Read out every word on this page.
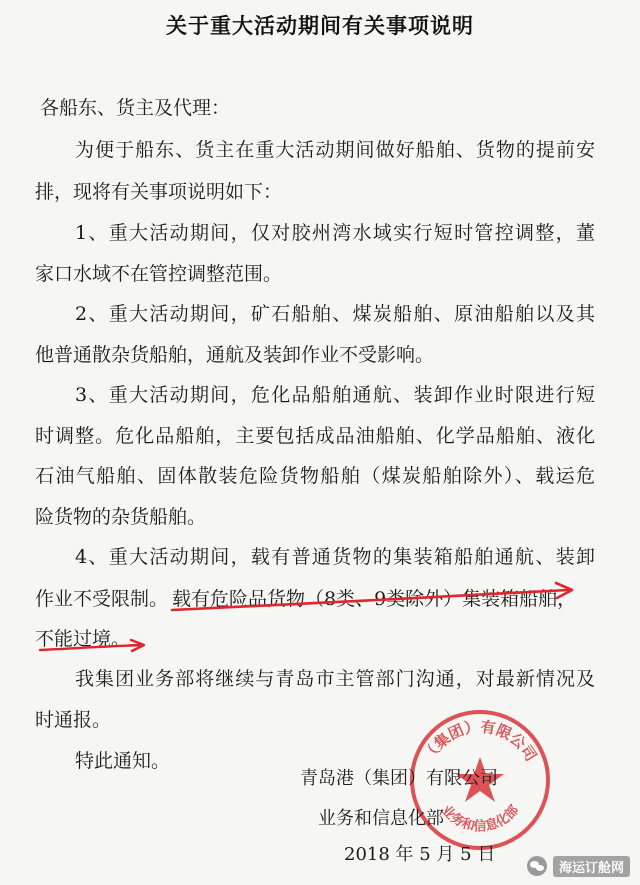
关于重大活动期间有关事项说明
各船东、货主及代理：
为便于船东、货主在重大活动期间做好船舶、货物的提前安
排，现将有关事项说明如下：
1、重大活动期间，仅对胶州湾水域实行短时管控调整，董
家口水域不在管控调整范围。
2、重大活动期间，矿石船舶、煤炭船舶、原油船舶以及其
他普通散杂货船舶，通航及装卸作业不受影响。
3、重大活动期间，危化品船舶通航、装卸作业时限进行短
时调整。危化品船舶，主要包括成品油船舶、化学品船舶、液化
石油气船舶、固体散装危险货物船舶（煤炭船舶除外）、载运危
险货物的杂货船舶。
4、重大活动期间，载有普通货物的集装箱船舶通航、装卸
作业不受限制。 载有危险品货物（8类、9类除外）集装箱船舶，
不能过境。
我集团业务部将继续与青岛市主管部门沟通，对最新情况及
时通报。
特此通知。	（集团）有限公司
业务和信息化部
青岛港（集团）有限公司
业务和信息化部
2018 年 5 月 5 日
海运订舱网
